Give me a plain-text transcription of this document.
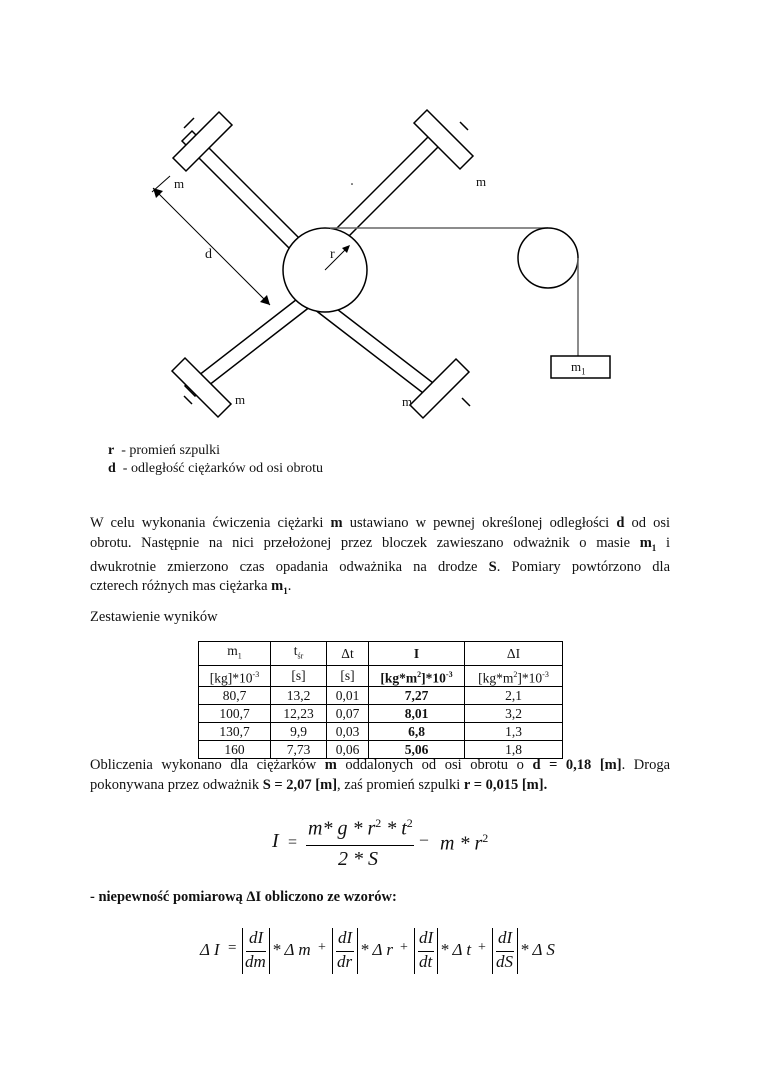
m	m
m	m
d	r
$m_1$
r - promień szpulki
d - odległość ciężarków od osi obrotu
W celu wykonania ćwiczenia ciężarki m ustawiano w pewnej określonej odległości d od osi
obrotu. Następnie na nici przełożonej przez bloczek zawieszano odważnik o masie $m_1$ i
dwukrotnie zmierzono czas opadania odważnika na drodze S. Pomiary powtórzono dla
czterech różnych mas ciężarka $m_1$.
Zestawienie wyników
$m_1$	$t_{śr}$	Δt	I	ΔI
$[kg]*10^{-3}$	[s]	[s]	$[kg*m^2]*10^{-3}$	$[kg*m^2]*10^{-3}$
80,7	13,2	0,01	7,27	2,1
100,7	12,23	0,07	8,01	3,2
130,7	9,9	0,03	6,8	1,3
160	7,73	0,06	5,06	1,8
Obliczenia wykonano dla ciężarków m oddalonych od osi obrotu o d = 0,18 [m]. Droga
pokonywana przez odważnik S = 2,07 [m], zaś promień szpulki r = 0,015 [m].
I =
m* g * $r^2 * t^2$
2 * S
– m * $r^2$
- niepewność pomiarową ΔI obliczono ze wzorów:
Δ I =
dI
dm
* Δ m +
dI
dr
* Δ r +
dI
dt
* Δ t +
dI
dS
* Δ S
